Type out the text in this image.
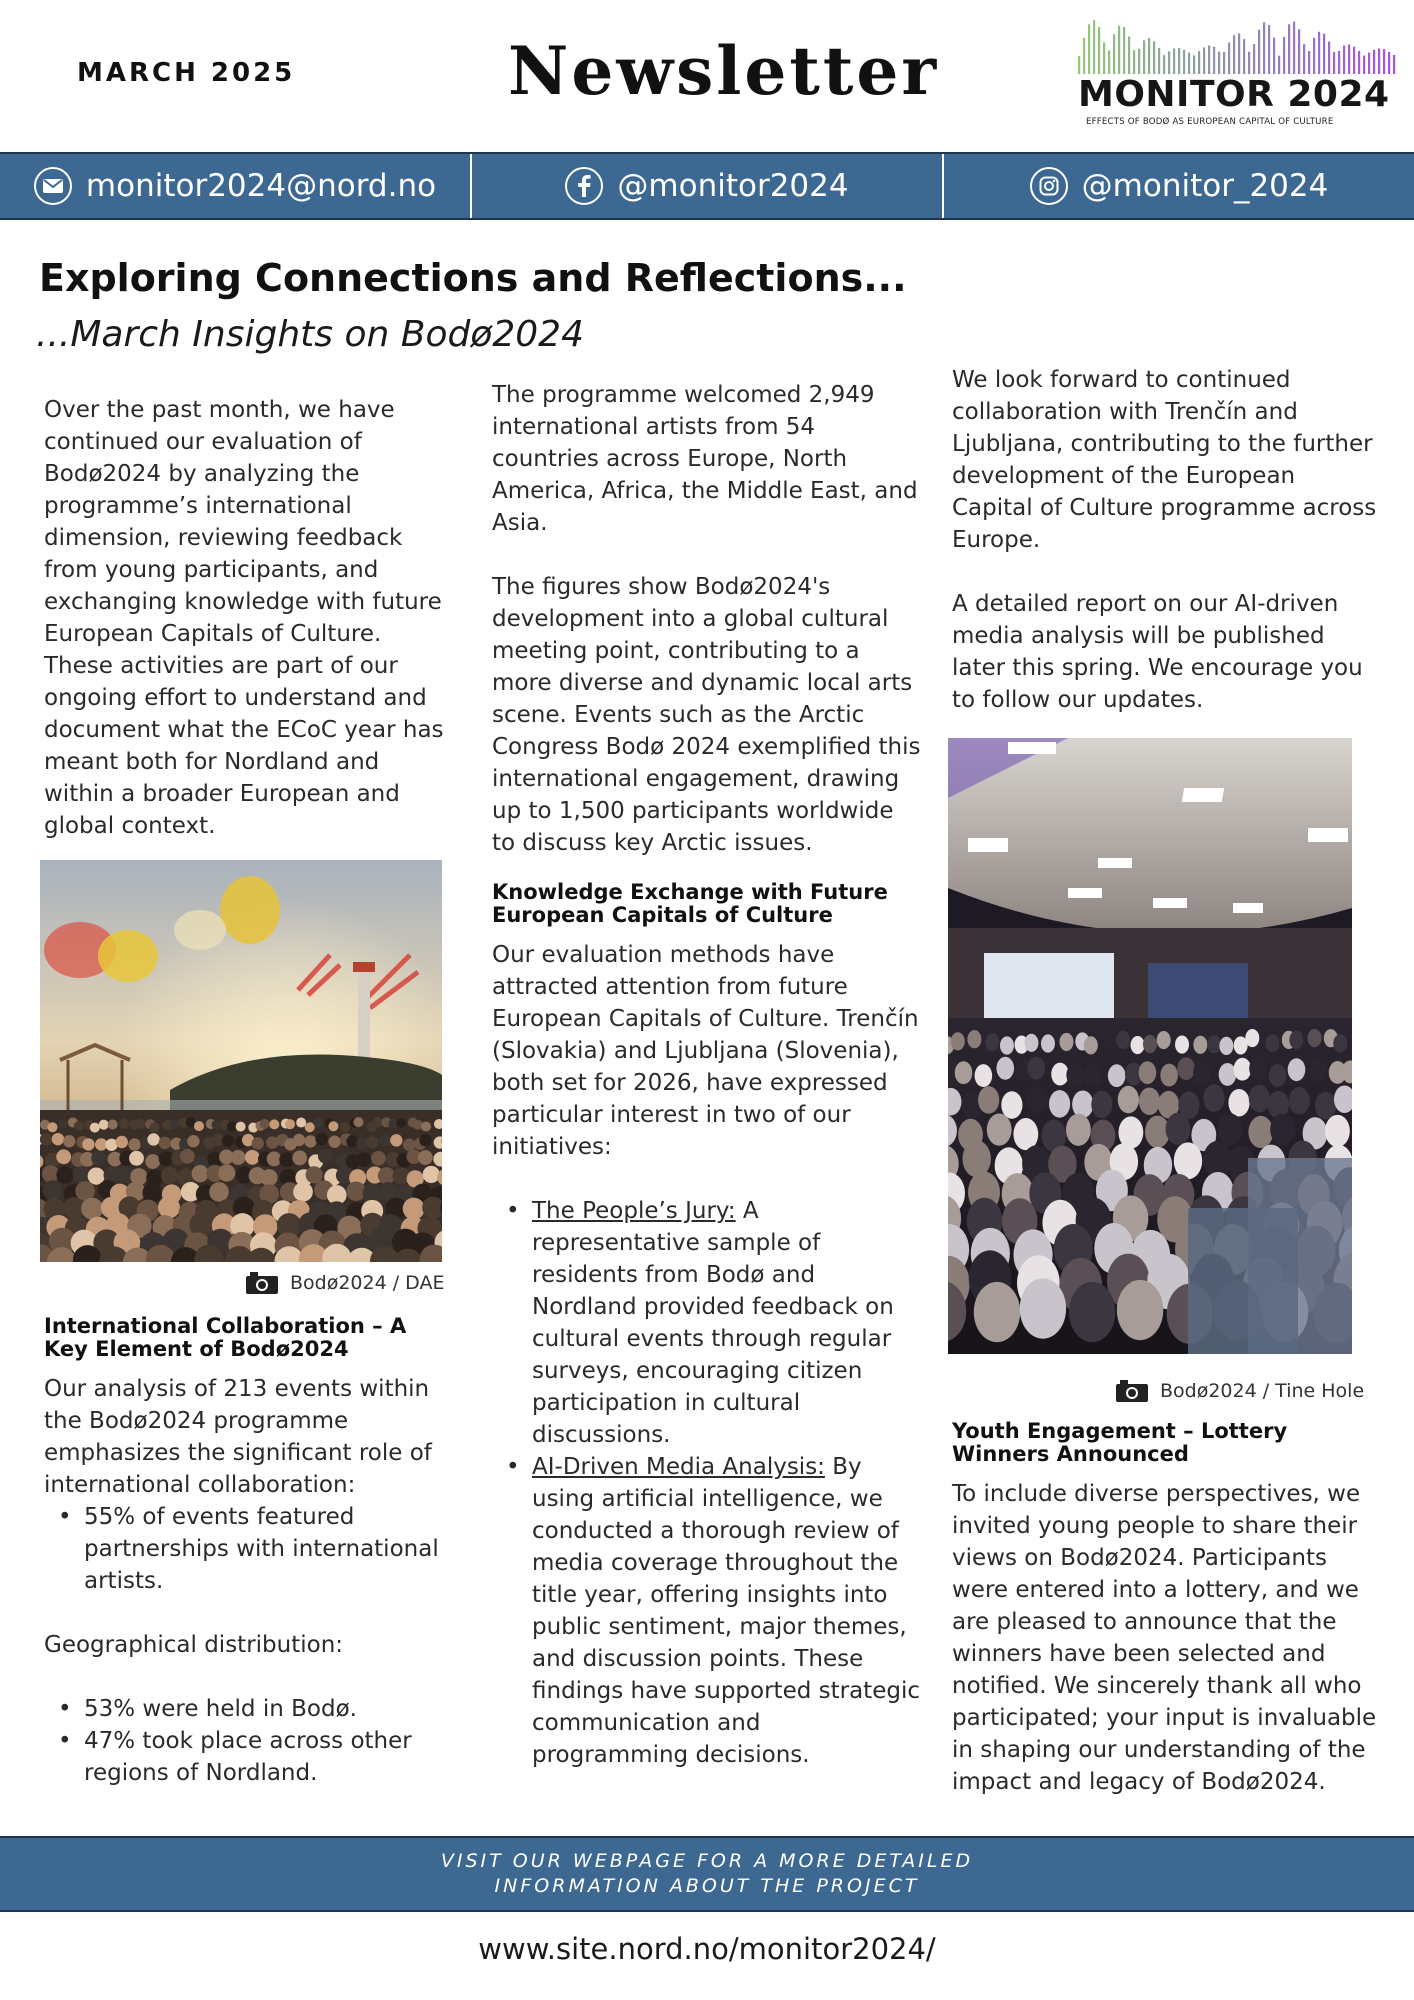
MARCH 2025	Newsletter	MONITOR 2024
EFFECTS OF BODØ AS EUROPEAN CAPITAL OF CULTURE
monitor2024@nord.no	@monitor2024	@monitor_2024
Exploring Connections and Reflections...
...March Insights on Bodø2024

Over the past month, we have continued our evaluation of Bodø2024 by analyzing the programme’s international dimension, reviewing feedback from young participants, and exchanging knowledge with future European Capitals of Culture. These activities are part of our ongoing effort to understand and document what the ECoC year has meant both for Nordland and within a broader European and global context.

Bodø2024 / DAE
International Collaboration – A Key Element of Bodø2024

Our analysis of 213 events within the Bodø2024 programme emphasizes the significant role of international collaboration:

• 55% of events featured partnerships with international artists.

Geographical distribution:

• 53% were held in Bodø.
• 47% took place across other regions of Nordland.

The programme welcomed 2,949 international artists from 54 countries across Europe, North America, Africa, the Middle East, and Asia.

The figures show Bodø2024's development into a global cultural meeting point, contributing to a more diverse and dynamic local arts scene. Events such as the Arctic Congress Bodø 2024 exemplified this international engagement, drawing up to 1,500 participants worldwide to discuss key Arctic issues.

Knowledge Exchange with Future European Capitals of Culture

Our evaluation methods have attracted attention from future European Capitals of Culture. Trenčín (Slovakia) and Ljubljana (Slovenia), both set for 2026, have expressed particular interest in two of our initiatives:

• The People’s Jury: A representative sample of residents from Bodø and Nordland provided feedback on cultural events through regular surveys, encouraging citizen participation in cultural discussions.
• AI-Driven Media Analysis: By using artificial intelligence, we conducted a thorough review of media coverage throughout the title year, offering insights into public sentiment, major themes, and discussion points. These findings have supported strategic communication and programming decisions.

We look forward to continued collaboration with Trenčín and Ljubljana, contributing to the further development of the European Capital of Culture programme across Europe.

A detailed report on our AI-driven media analysis will be published later this spring. We encourage you to follow our updates.

Bodø2024 / Tine Hole
Youth Engagement – Lottery Winners Announced

To include diverse perspectives, we invited young people to share their views on Bodø2024. Participants were entered into a lottery, and we are pleased to announce that the winners have been selected and notified. We sincerely thank all who participated; your input is invaluable in shaping our understanding of the impact and legacy of Bodø2024.

VISIT OUR WEBPAGE FOR A MORE DETAILED
INFORMATION ABOUT THE PROJECT
www.site.nord.no/monitor2024/
